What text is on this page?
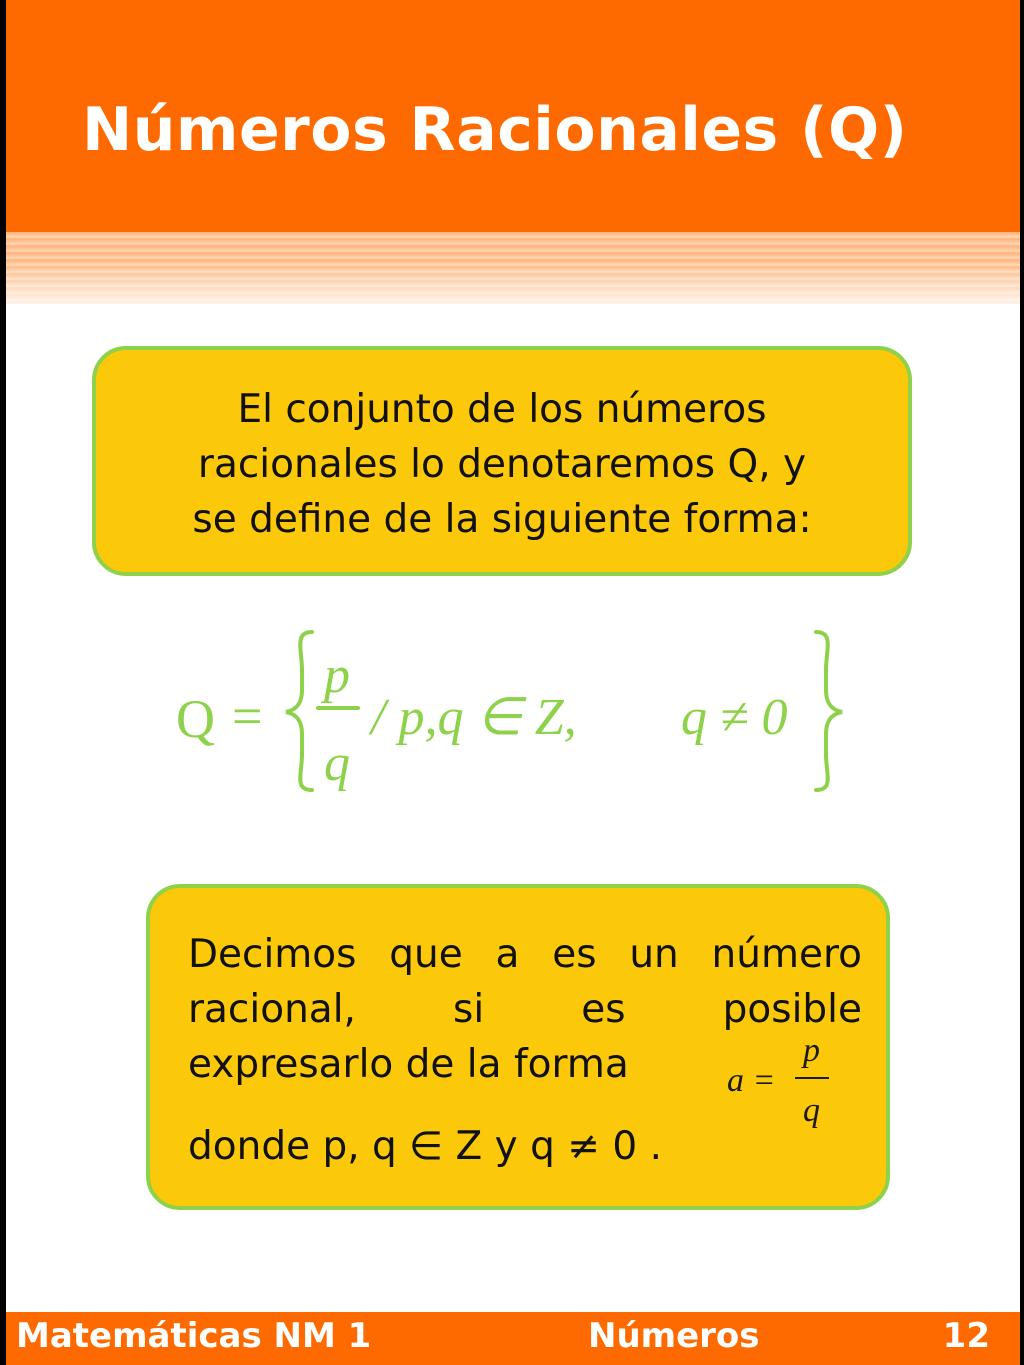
Números Racionales (Q)
El conjunto de los números
racionales lo denotaremos Q, y
se define de la siguiente forma:
Q =
p
q
/ p,q ∈ Z, q ≠ 0
Decimos que a es un número
racional, si es posible
expresarlo de la forma
donde p, q ∈ Z y q ≠ 0 .
a =
p
q
Matemáticas NM 1	Números	12
